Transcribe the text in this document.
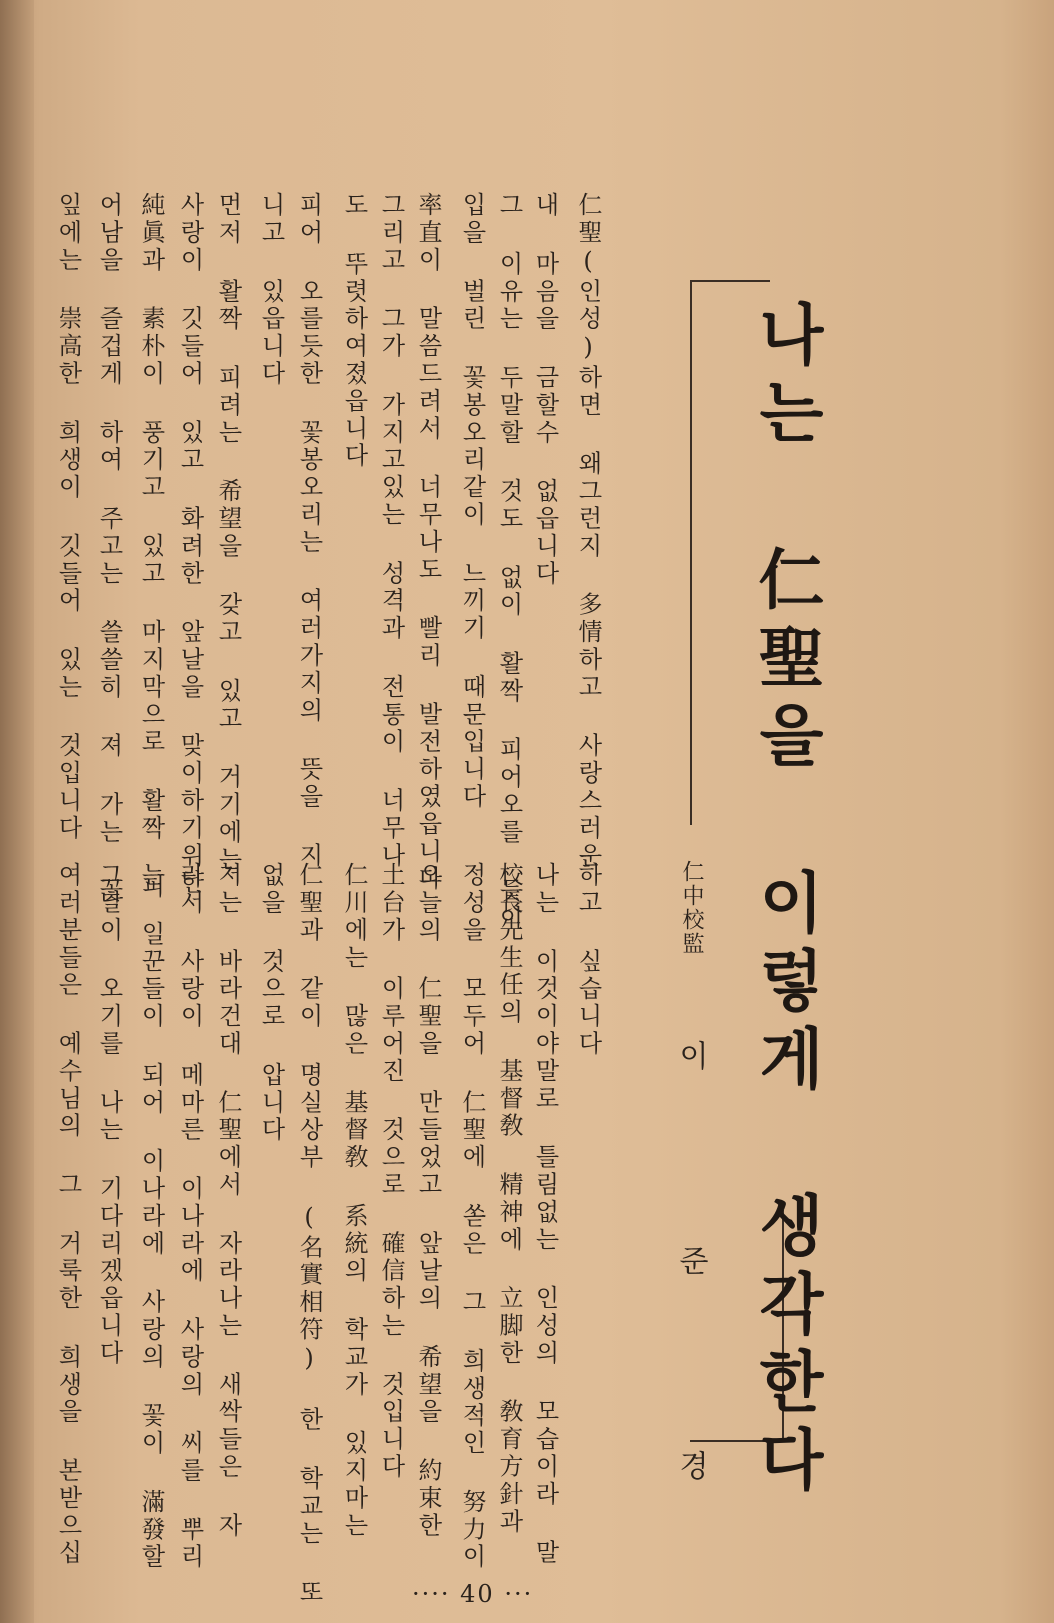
나는 仁聖을 이렇게 생각한다
仁中校監
이 준 경
仁聖(인성)하면 왜그런지 多情하고 사랑스러운
내 마음을 금할수 없읍니다
그 이유는 두말할 것도 없이 활짝 피어오를 듯이
입을 벌린 꽃봉오리같이 느끼기 때문입니다
率直이 말씀드려서 너무나도 빨리 발전하였읍니다
그리고 그가 가지고있는 성격과 전통이 너무나
도 뚜렷하여졌읍니다
피어 오를듯한 꽃봉오리는 여러가지의 뜻을 지
니고 있읍니다
먼저 활짝 피려는 希望을 갖고 있고 거기에는
사랑이 깃들어 있고 화려한 앞날을 맞이하기위한
純眞과 素朴이 풍기고 있고 마지막으로 활짝 피
어남을 즐겁게 하여 주고는 쓸쓸히 져 가는 꽃
잎에는 崇高한 희생이 깃들어 있는 것입니다
하고 싶습니다
나는 이것이야말로 틀림없는 인성의 모습이라 말
校長先生任의 基督敎 精神에 立脚한 敎育方針과
정성을 모두어 仁聖에 쏟은 그 희생적인 努力이
오늘의 仁聖을 만들었고 앞날의 希望을 約束한
土台가 이루어진 것으로 確信하는 것입니다
仁川에는 많은 基督敎 系統의 학교가 있지마는
仁聖과 같이 명실상부 (名實相符) 한 학교는 또
없을 것으로 압니다
저는 바라건대 仁聖에서 자라나는 새싹들은 자
라서 사랑이 메마른 이나라에 사랑의 씨를 뿌리
는 일꾼들이 되어 이나라에 사랑의 꽃이 滿發할
그날이 오기를 나는 기다리겠읍니다
여러분들은 예수님의 그 거룩한 희생을 본받으십
···· 40 ···
